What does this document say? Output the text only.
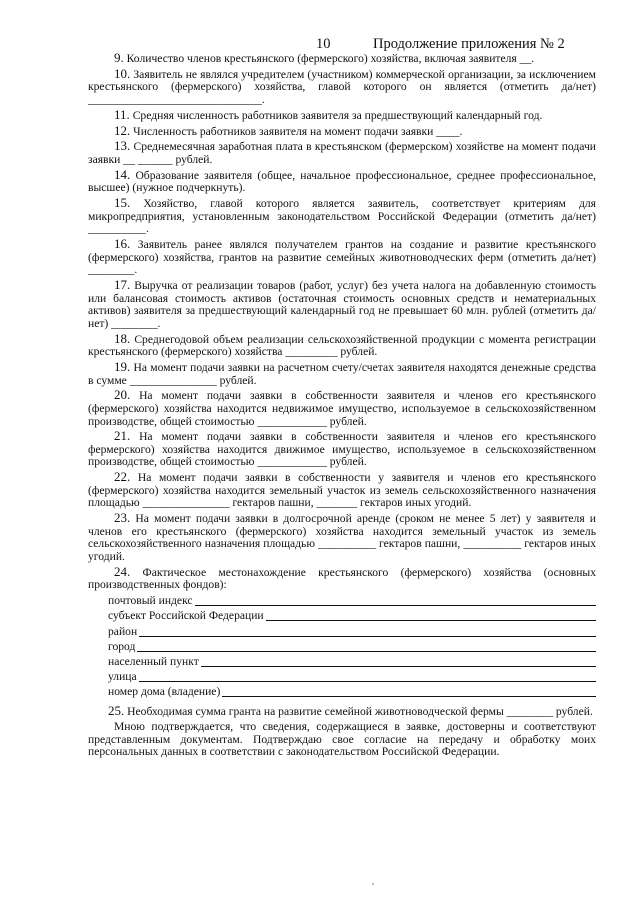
10	Продолжение приложения № 2

9. Количество членов крестьянского (фермерского) хозяйства, включая заявителя __.

10. Заявитель не являлся учредителем (участником) коммерческой организации, за исключением крестьянского (фермерского) хозяйства, главой которого он является (отметить да/нет) ______________________________.

11. Средняя численность работников заявителя за предшествующий календарный год.

12. Численность работников заявителя на момент подачи заявки ____.

13. Среднемесячная заработная плата в крестьянском (фермерском) хозяйстве на момент подачи заявки __ ______ рублей.

14. Образование заявителя (общее, начальное профессиональное, среднее профессиональное, высшее) (нужное подчеркнуть).

15. Хозяйство, главой которого является заявитель, соответствует критериям для микропредприятия, установленным законодательством Российской Федерации (отметить да/нет) __________.

16. Заявитель ранее являлся получателем грантов на создание и развитие крестьянского (фермерского) хозяйства, грантов на развитие семейных животноводческих ферм (отметить да/нет) ________.

17. Выручка от реализации товаров (работ, услуг) без учета налога на добавленную стоимость или балансовая стоимость активов (остаточная стоимость основных средств и нематериальных активов) заявителя за предшествующий календарный год не превышает 60 млн. рублей (отметить да/нет) ________.

18. Среднегодовой объем реализации сельскохозяйственной продукции с момента регистрации крестьянского (фермерского) хозяйства _________ рублей.

19. На момент подачи заявки на расчетном счету/счетах заявителя находятся денежные средства в сумме _______________ рублей.

20. На момент подачи заявки в собственности заявителя и членов его крестьянского (фермерского) хозяйства находится недвижимое имущество, используемое в сельскохозяйственном производстве, общей стоимостью ____________ рублей.

21. На момент подачи заявки в собственности заявителя и членов его крестьянского фермерского) хозяйства находится движимое имущество, используемое в сельскохозяйственном производстве, общей стоимостью ____________ рублей.

22. На момент подачи заявки в собственности у заявителя и членов его крестьянского (фермерского) хозяйства находится земельный участок из земель сельскохозяйственного назначения площадью _______________ гектаров пашни, _______ гектаров иных угодий.

23. На момент подачи заявки в долгосрочной аренде (сроком не менее 5 лет) у заявителя и членов его крестьянского (фермерского) хозяйства находится земельный участок из земель сельскохозяйственного назначения площадью __________ гектаров пашни, __________ гектаров иных угодий.

24. Фактическое местонахождение крестьянского (фермерского) хозяйства (основных производственных фондов):

почтовый индекс
субъект Российской Федерации
район
город
населенный пункт
улица
номер дома (владение)

25. Необходимая сумма гранта на развитие семейной животноводческой фермы ________ рублей.

Мною подтверждается, что сведения, содержащиеся в заявке, достоверны и соответствуют представленным документам. Подтверждаю свое согласие на передачу и обработку моих персональных данных в соответствии с законодательством Российской Федерации.
